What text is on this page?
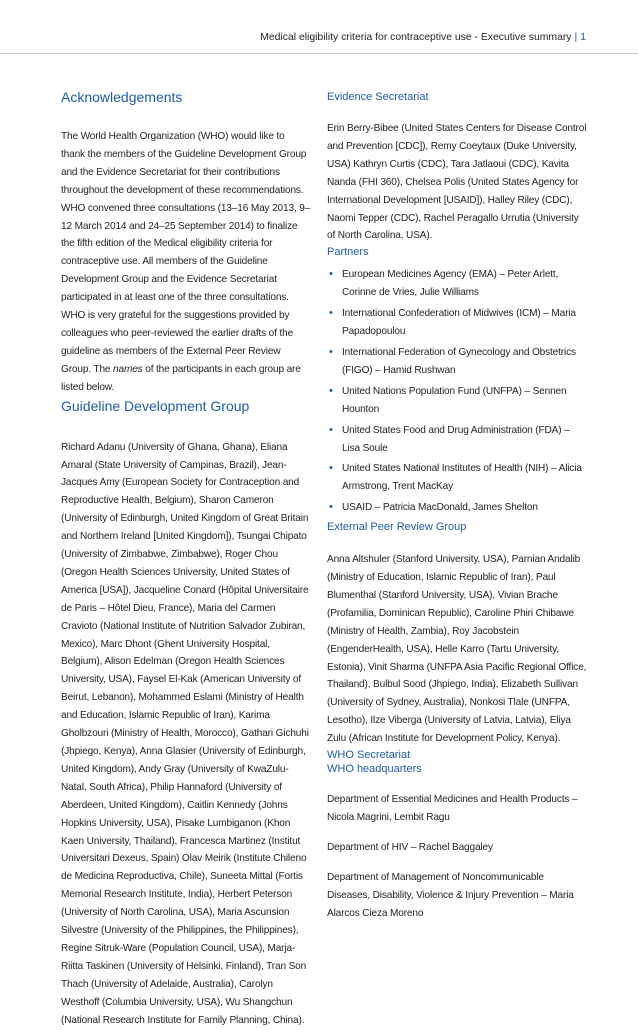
Medical eligibility criteria for contraceptive use - Executive summary | 1
Acknowledgements

The World Health Organization (WHO) would like to thank the members of the Guideline Development Group and the Evidence Secretariat for their contributions throughout the development of these recommendations. WHO convened three consultations (13–16 May 2013, 9–12 March 2014 and 24–25 September 2014) to finalize the fifth edition of the Medical eligibility criteria for contraceptive use. All members of the Guideline Development Group and the Evidence Secretariat participated in at least one of the three consultations. WHO is very grateful for the suggestions provided by colleagues who peer-reviewed the earlier drafts of the guideline as members of the External Peer Review Group. The names of the participants in each group are listed below.

Guideline Development Group

Richard Adanu (University of Ghana, Ghana), Eliana Amaral (State University of Campinas, Brazil), Jean-Jacques Amy (European Society for Contraception and Reproductive Health, Belgium), Sharon Cameron (University of Edinburgh, United Kingdom of Great Britain and Northern Ireland [United Kingdom]), Tsungai Chipato (University of Zimbabwe, Zimbabwe), Roger Chou (Oregon Health Sciences University, United States of America [USA]), Jacqueline Conard (Hôpital Universitaire de Paris – Hôtel Dieu, France), Maria del Carmen Cravioto (National Institute of Nutrition Salvador Zubiran, Mexico), Marc Dhont (Ghent University Hospital, Belgium), Alison Edelman (Oregon Health Sciences University, USA), Faysel El-Kak (American University of Beirut, Lebanon), Mohammed Eslami (Ministry of Health and Education, Islamic Republic of Iran), Karima Gholbzouri (Ministry of Health, Morocco), Gathari Gichuhi (Jhpiego, Kenya), Anna Glasier (University of Edinburgh, United Kingdom), Andy Gray (University of KwaZulu-Natal, South Africa), Philip Hannaford (University of Aberdeen, United Kingdom), Caitlin Kennedy (Johns Hopkins University, USA), Pisake Lumbiganon (Khon Kaen University, Thailand), Francesca Martinez (Institut Universitari Dexeus, Spain) Olav Meirik (Institute Chileno de Medicina Reproductiva, Chile), Suneeta Mittal (Fortis Memorial Research Institute, India), Herbert Peterson (University of North Carolina, USA), Maria Ascunsion Silvestre (University of the Philippines, the Philippines), Regine Sitruk-Ware (Population Council, USA), Marja-Riitta Taskinen (University of Helsinki, Finland), Tran Son Thach (University of Adelaide, Australia), Carolyn Westhoff (Columbia University, USA), Wu Shangchun (National Research Institute for Family Planning, China).

Evidence Secretariat

Erin Berry-Bibee (United States Centers for Disease Control and Prevention [CDC]), Remy Coeytaux (Duke University, USA) Kathryn Curtis (CDC), Tara Jatlaoui (CDC), Kavita Nanda (FHI 360), Chelsea Polis (United States Agency for International Development [USAID]), Halley Riley (CDC), Naomi Tepper (CDC), Rachel Peragallo Urrutia (University of North Carolina, USA).

Partners
• European Medicines Agency (EMA) – Peter Arlett, Corinne de Vries, Julie Williams
• International Confederation of Midwives (ICM) – Maria Papadopoulou
• International Federation of Gynecology and Obstetrics (FIGO) – Hamid Rushwan
• United Nations Population Fund (UNFPA) – Sennen Hounton
• United States Food and Drug Administration (FDA) – Lisa Soule
• United States National Institutes of Health (NIH) – Alicia Armstrong, Trent MacKay
• USAID – Patricia MacDonald, James Shelton
External Peer Review Group

Anna Altshuler (Stanford University, USA), Parnian Andalib (Ministry of Education, Islamic Republic of Iran), Paul Blumenthal (Stanford University, USA), Vivian Brache (Profamilia, Dominican Republic), Caroline Phiri Chibawe (Ministry of Health, Zambia), Roy Jacobstein (EngenderHealth, USA), Helle Karro (Tartu University, Estonia), Vinit Sharma (UNFPA Asia Pacific Regional Office, Thailand), Bulbul Sood (Jhpiego, India), Elizabeth Sullivan (University of Sydney, Australia), Nonkosi Tlale (UNFPA, Lesotho), Ilze Viberga (University of Latvia, Latvia), Eliya Zulu (African Institute for Development Policy, Kenya).

WHO Secretariat
WHO headquarters

Department of Essential Medicines and Health Products – Nicola Magrini, Lembit Ragu

Department of HIV – Rachel Baggaley

Department of Management of Noncommunicable Diseases, Disability, Violence & Injury Prevention – Maria Alarcos Cieza Moreno
